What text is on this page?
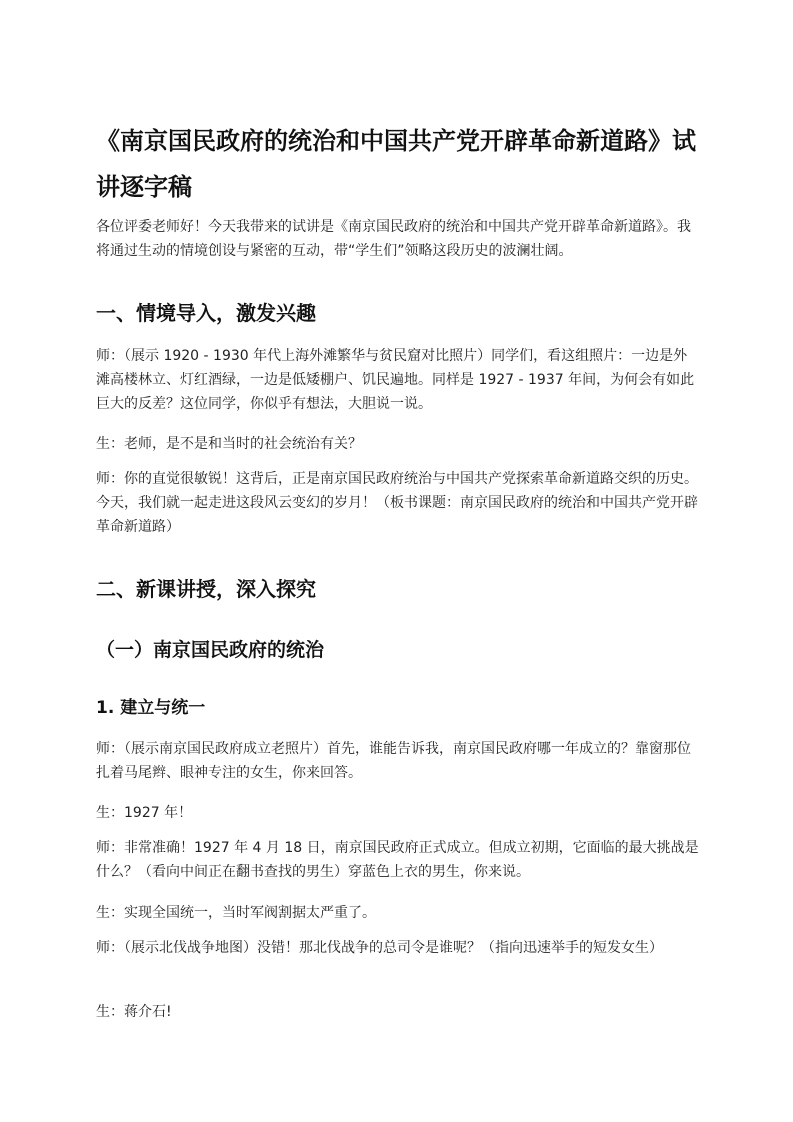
《南京国民政府的统治和中国共产党开辟革命新道路》试讲逐字稿

各位评委老师好！今天我带来的试讲是《南京国民政府的统治和中国共产党开辟革命新道路》。我将通过生动的情境创设与紧密的互动，带“学生们”领略这段历史的波澜壮阔。

一、情境导入，激发兴趣

师：（展示 1920 - 1930 年代上海外滩繁华与贫民窟对比照片）同学们，看这组照片：一边是外滩高楼林立、灯红酒绿，一边是低矮棚户、饥民遍地。同样是 1927 - 1937 年间，为何会有如此巨大的反差？这位同学，你似乎有想法，大胆说一说。

生：老师，是不是和当时的社会统治有关？

师：你的直觉很敏锐！这背后，正是南京国民政府统治与中国共产党探索革命新道路交织的历史。今天，我们就一起走进这段风云变幻的岁月！（板书课题：南京国民政府的统治和中国共产党开辟革命新道路）

二、新课讲授，深入探究
（一）南京国民政府的统治
1. 建立与统一

师：（展示南京国民政府成立老照片）首先，谁能告诉我，南京国民政府哪一年成立的？靠窗那位扎着马尾辫、眼神专注的女生，你来回答。

生：1927 年！

师：非常准确！1927 年 4 月 18 日，南京国民政府正式成立。但成立初期，它面临的最大挑战是什么？（看向中间正在翻书查找的男生）穿蓝色上衣的男生，你来说。

生：实现全国统一，当时军阀割据太严重了。

师：（展示北伐战争地图）没错！那北伐战争的总司令是谁呢？（指向迅速举手的短发女生）

生：蒋介石!
